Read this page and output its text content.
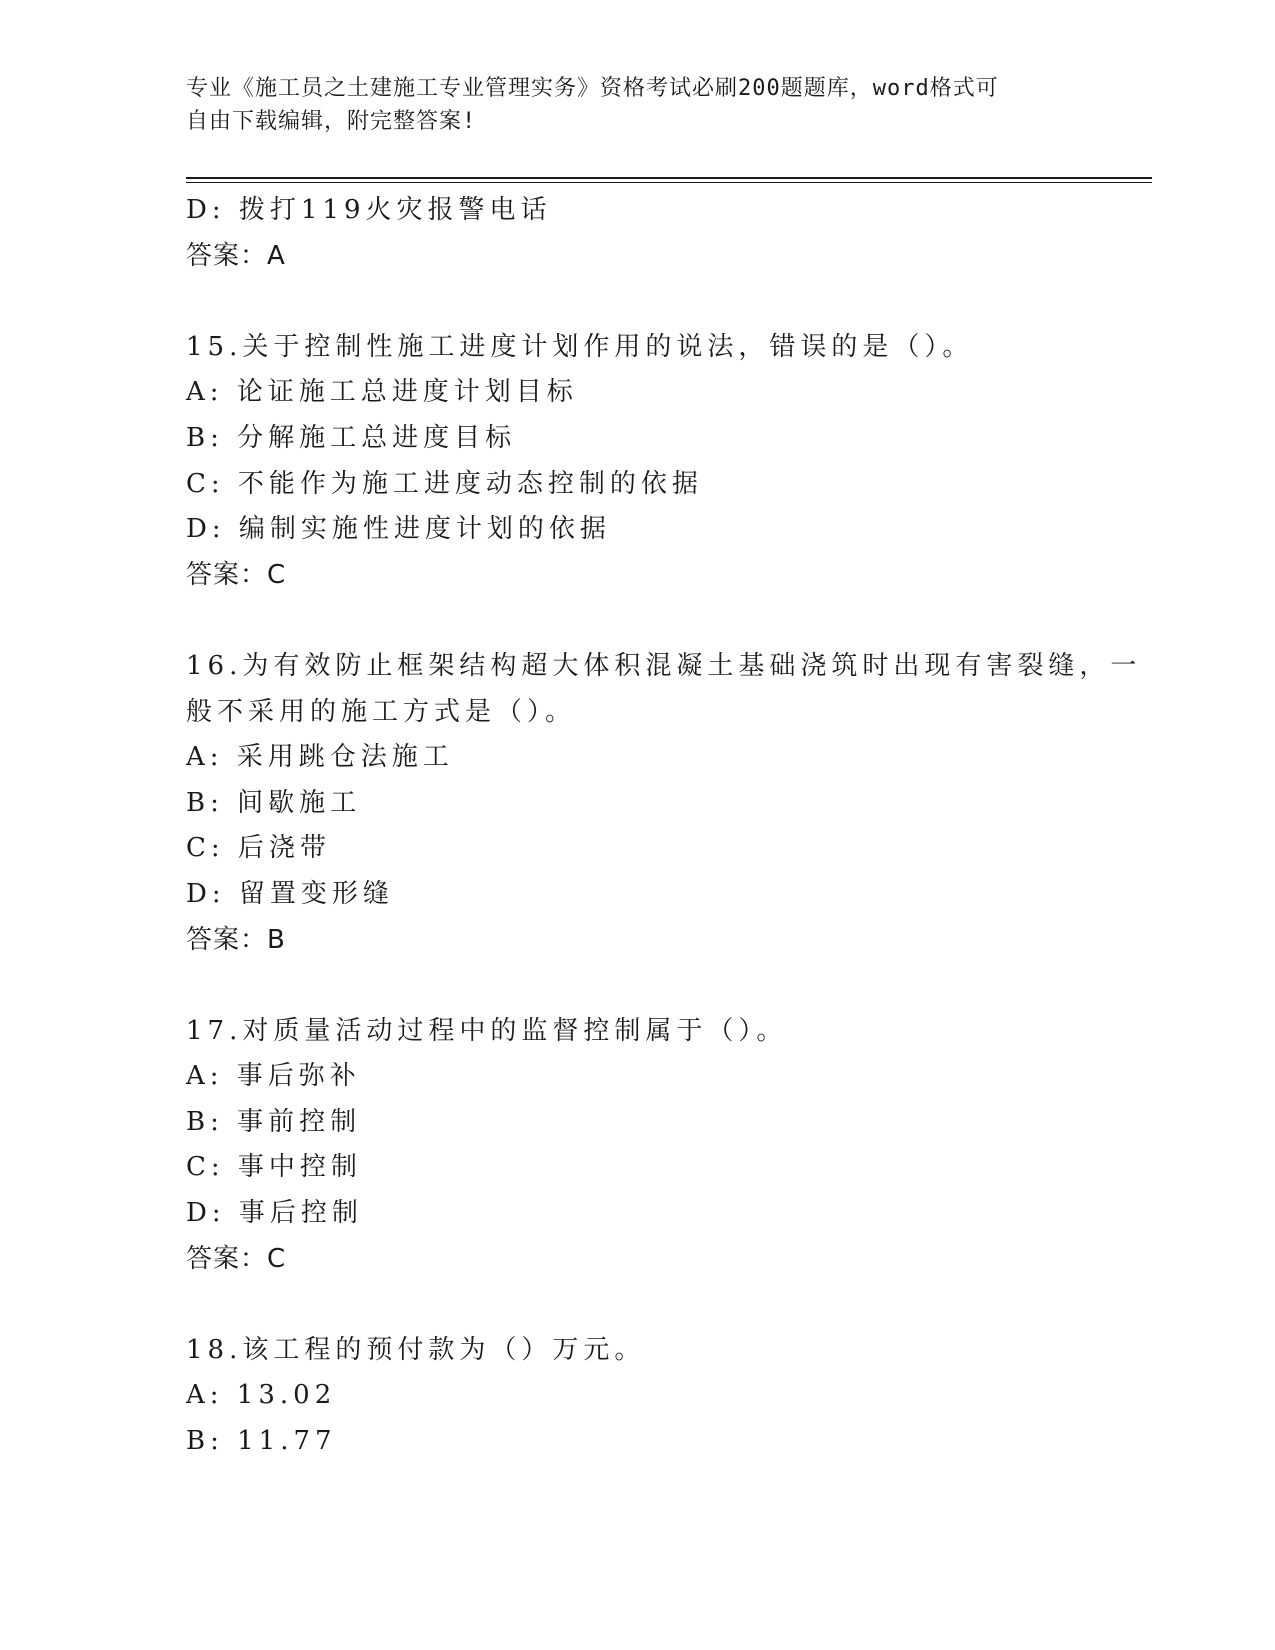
专业《施工员之土建施工专业管理实务》资格考试必刷200题题库，word格式可
自由下载编辑，附完整答案!
D: 拨打119火灾报警电话
答案：A
15.关于控制性施工进度计划作用的说法，错误的是（）。
A: 论证施工总进度计划目标
B: 分解施工总进度目标
C: 不能作为施工进度动态控制的依据
D: 编制实施性进度计划的依据
答案：C
16.为有效防止框架结构超大体积混凝土基础浇筑时出现有害裂缝，一
般不采用的施工方式是（）。
A: 采用跳仓法施工
B: 间歇施工
C: 后浇带
D: 留置变形缝
答案：B
17.对质量活动过程中的监督控制属于（）。
A: 事后弥补
B: 事前控制
C: 事中控制
D: 事后控制
答案：C
18.该工程的预付款为（）万元。
A: 13.02
B: 11.77
